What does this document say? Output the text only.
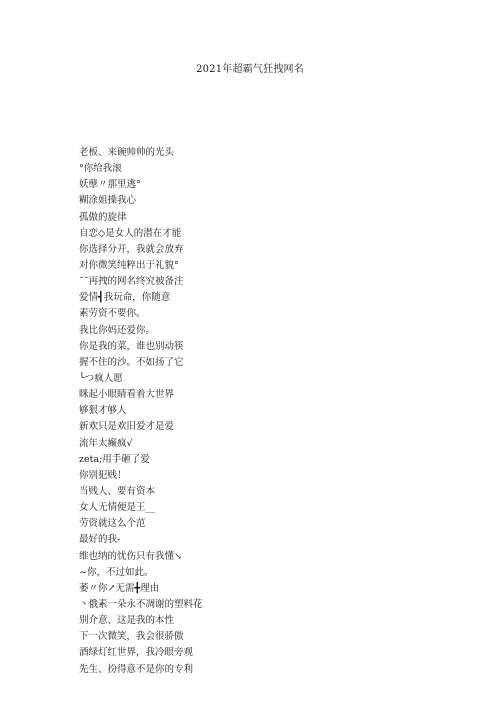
2021年超霸气狂拽网名
老板、来碗帅帅的光头
°你给我滚
妖孽〃那里逃°
糊涂姐操我心
孤傲的旋律
自恋◇是女人的潜在才能
你选择分开，我就会放弃
对你微笑纯粹出于礼貌°
¯¯再拽的网名终究被备注
爱情┫我玩命，你随意
素劳资不要你。
我比你妈还爱你。
你是我的菜，谁也别动筷
握不住的沙。不如扬了它
╰つ疯人愿
眯起小眼睛看着大世界
够狠才够人
新欢只是欢旧爱才是爱
流年太癫疯√
zeta;用手砸了爱
你别犯贱！
当贱人、要有资本
女人无情便是王__
劳资就这么个范
最好的我-
维也纳的忧伤只有我懂↘
~你，不过如此。
萎〃你↗无需╋理由
丶俄素一朵永不凋谢的塑料花
别介意、这是我的本性
下一次微笑，我会很骄傲
酒绿灯红世界，我冷眼旁观
先生、扮得意不是你的专利
